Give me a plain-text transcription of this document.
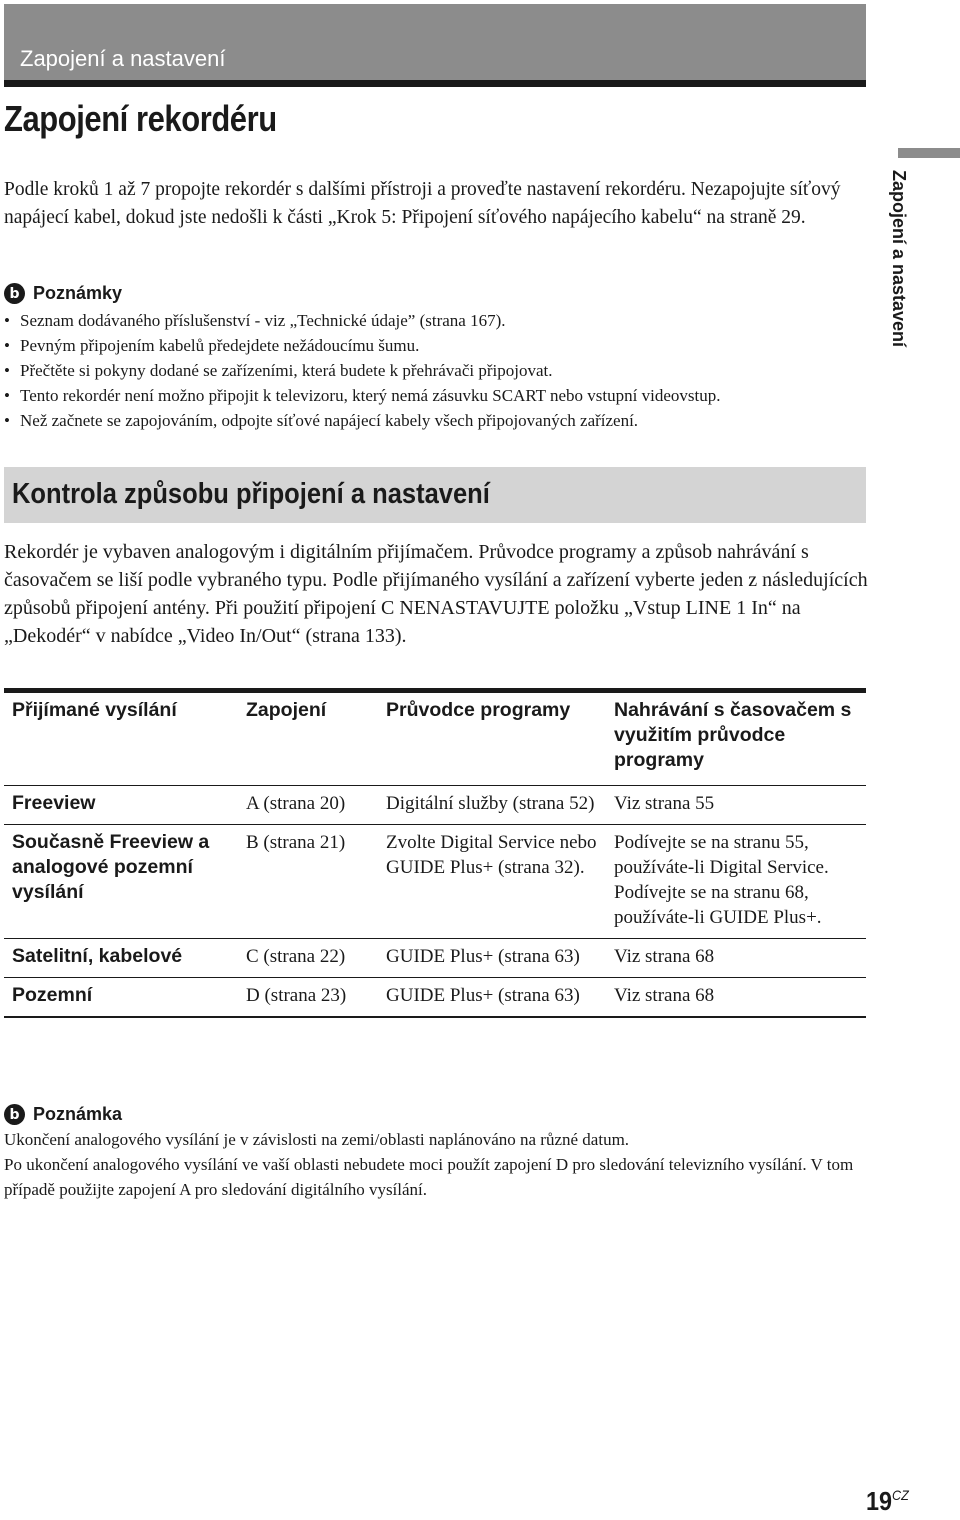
Zapojení a nastavení
Zapojení rekordéru
Zapojení a nastavení

Podle kroků 1 až 7 propojte rekordér s dalšími přístroji a proveďte nastavení rekordéru. Nezapojujte síťový napájecí kabel, dokud jste nedošli k části „Krok 5: Připojení síťového napájecího kabelu“ na straně 29.

b Poznámky
• Seznam dodávaného příslušenství - viz „Technické údaje” (strana 167).
• Pevným připojením kabelů předejdete nežádoucímu šumu.
• Přečtěte si pokyny dodané se zařízeními, která budete k přehrávači připojovat.
• Tento rekordér není možno připojit k televizoru, který nemá zásuvku SCART nebo vstupní videovstup.
• Než začnete se zapojováním, odpojte síťové napájecí kabely všech připojovaných zařízení.
Kontrola způsobu připojení a nastavení

Rekordér je vybaven analogovým i digitálním přijímačem. Průvodce programy a způsob nahrávání s časovačem se liší podle vybraného typu. Podle přijímaného vysílání a zařízení vyberte jeden z následujících způsobů připojení antény. Při použití připojení C NENASTAVUJTE položku „Vstup LINE 1 In“ na „Dekodér“ v nabídce „Video In/Out“ (strana 133).

Přijímané vysílání	Zapojení	Průvodce programy	Nahrávání s časovačem s využitím průvodce programy
Freeview	A (strana 20)	Digitální služby (strana 52)	Viz strana 55
Současně Freeview a analogové pozemní vysílání	B (strana 21)	Zvolte Digital Service nebo GUIDE Plus+ (strana 32).	Podívejte se na stranu 55, používáte-li Digital Service. Podívejte se na stranu 68, používáte-li GUIDE Plus+.
Satelitní, kabelové	C (strana 22)	GUIDE Plus+ (strana 63)	Viz strana 68
Pozemní	D (strana 23)	GUIDE Plus+ (strana 63)	Viz strana 68
b Poznámka
Ukončení analogového vysílání je v závislosti na zemi/oblasti naplánováno na různé datum.
Po ukončení analogového vysílání ve vaší oblasti nebudete moci použít zapojení D pro sledování televizního vysílání. V tom případě použijte zapojení A pro sledování digitálního vysílání.
$19^{CZ}$
